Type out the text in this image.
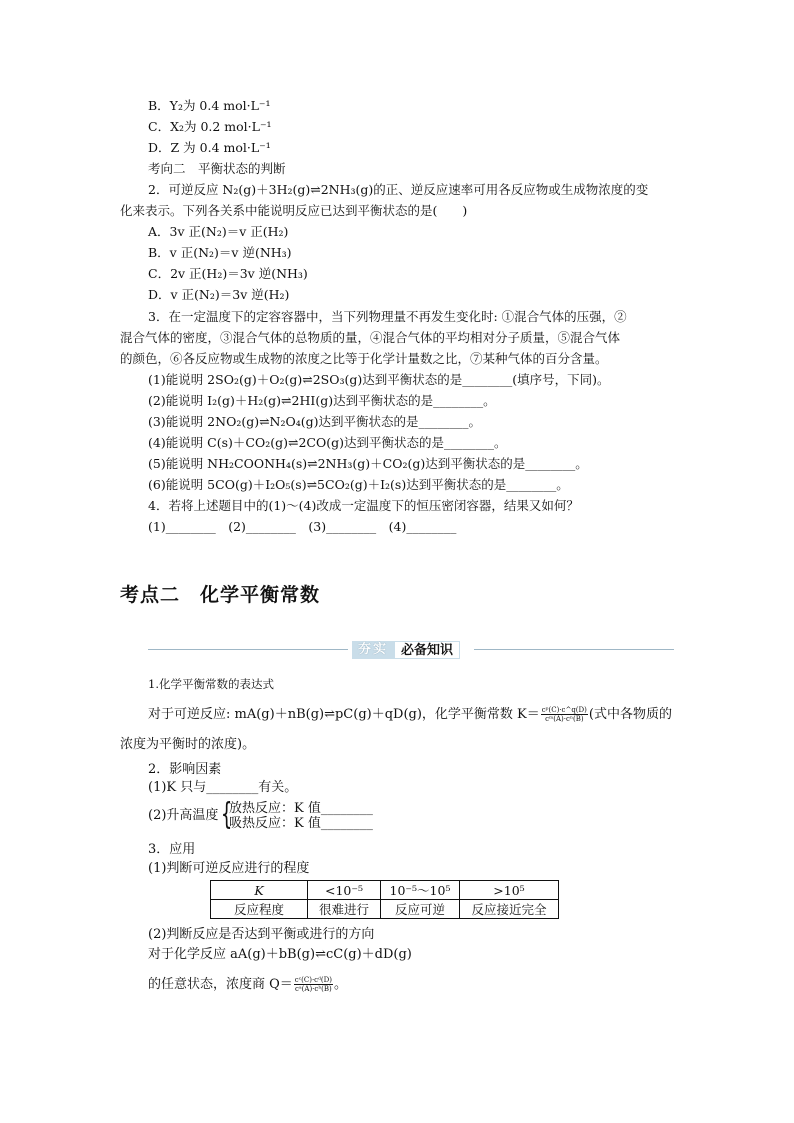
B．Y₂为 0.4 mol·L⁻¹
C．X₂为 0.2 mol·L⁻¹
D．Z 为 0.4 mol·L⁻¹
考向二　平衡状态的判断
2．可逆反应 N₂(g)＋3H₂(g)⇌2NH₃(g)的正、逆反应速率可用各反应物或生成物浓度的变
化来表示。下列各关系中能说明反应已达到平衡状态的是(　　)
A．3v 正(N₂)＝v 正(H₂)
B．v 正(N₂)＝v 逆(NH₃)
C．2v 正(H₂)＝3v 逆(NH₃)
D．v 正(N₂)＝3v 逆(H₂)
3．在一定温度下的定容容器中，当下列物理量不再发生变化时: ①混合气体的压强，②
混合气体的密度，③混合气体的总物质的量，④混合气体的平均相对分子质量，⑤混合气体
的颜色，⑥各反应物或生成物的浓度之比等于化学计量数之比，⑦某种气体的百分含量。
(1)能说明 2SO₂(g)＋O₂(g)⇌2SO₃(g)达到平衡状态的是________(填序号，下同)。
(2)能说明 I₂(g)＋H₂(g)⇌2HI(g)达到平衡状态的是________。
(3)能说明 2NO₂(g)⇌N₂O₄(g)达到平衡状态的是________。
(4)能说明 C(s)＋CO₂(g)⇌2CO(g)达到平衡状态的是________。
(5)能说明 NH₂COONH₄(s)⇌2NH₃(g)＋CO₂(g)达到平衡状态的是________。
(6)能说明 5CO(g)＋I₂O₅(s)⇌5CO₂(g)＋I₂(s)达到平衡状态的是________。
4．若将上述题目中的(1)～(4)改成一定温度下的恒压密闭容器，结果又如何？
(1)________　(2)________　(3)________　(4)________
考点二　化学平衡常数
夯实	必备知识
1.化学平衡常数的表达式
对于可逆反应: mA(g)＋nB(g)⇌pC(g)＋qD(g)，化学平衡常数 $K= \frac{\text{cᵖ(C)·c\textasciicircum{}q(D)}}{\text{cᵐ(A)·cⁿ(B)}}$ (式中各物质的
浓度为平衡时的浓度)。
2．影响因素
(1)K 只与________有关。
(2)升高温度 {
放热反应：K 值________
吸热反应：K 值________
3．应用
(1)判断可逆反应进行的程度
K	<10⁻⁵	10⁻⁵～10⁵	>10⁵
反应程度	很难进行	反应可逆	反应接近完全
(2)判断反应是否达到平衡或进行的方向
对于化学反应 aA(g)＋bB(g)⇌cC(g)＋dD(g)
的任意状态，浓度商 $Q= \frac{\text{cᶜ(C)·cᵈ(D)}}{\text{cᵃ(A)·cᵇ(B)}}$ 。
